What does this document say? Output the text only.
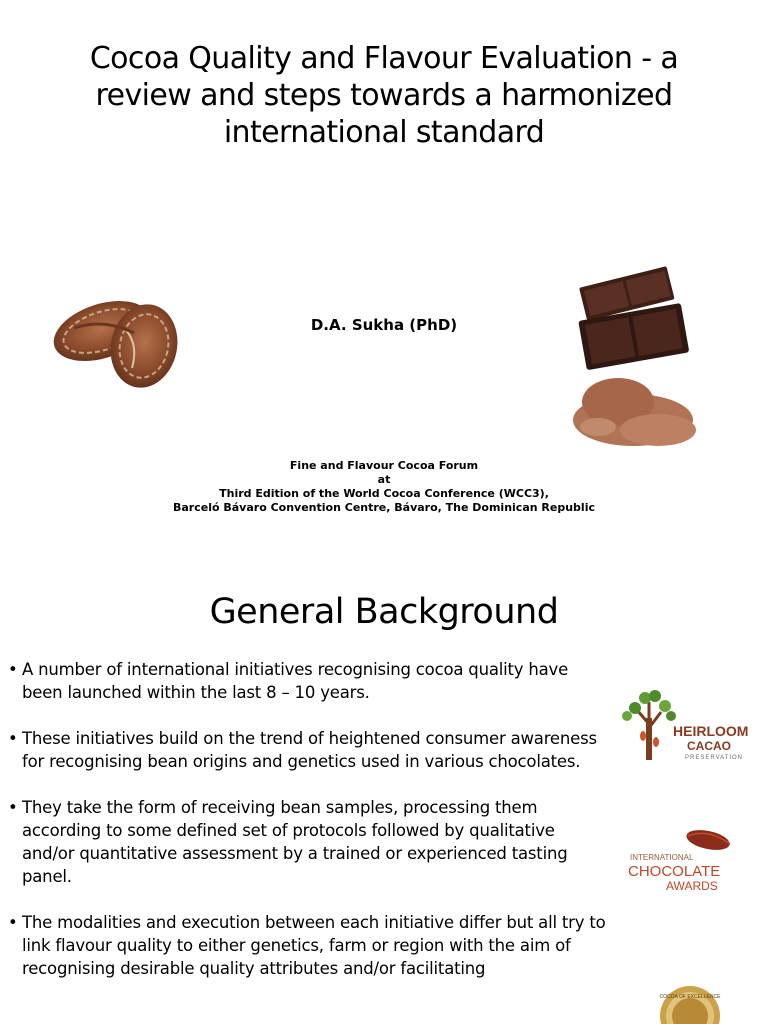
Cocoa Quality and Flavour Evaluation - a
review and steps towards a harmonized
international standard
D.A. Sukha (PhD)
Fine and Flavour Cocoa Forum
at
Third Edition of the World Cocoa Conference (WCC3),
Barceló Bávaro Convention Centre, Bávaro, The Dominican Republic
General Background
• A number of international initiatives recognising cocoa quality have been launched within the last 8 – 10 years.
• These initiatives build on the trend of heightened consumer awareness for recognising bean origins and genetics used in various chocolates.
• They take the form of receiving bean samples, processing them according to some defined set of protocols followed by qualitative and/or quantitative assessment by a trained or experienced tasting panel.
• The modalities and execution between each initiative differ but all try to link flavour quality to either genetics, farm or region with the aim of recognising desirable quality attributes and/or facilitating
HEIRLOOM
CACAO
PRESERVATION
INTERNATIONAL
CHOCOLATE
AWARDS
COCOA OF EXCELLENCE
